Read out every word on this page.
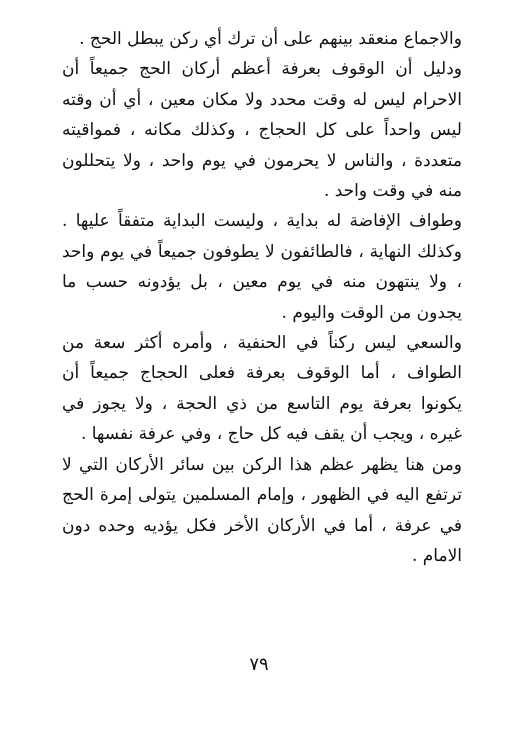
والاجماع منعقد بينهم على أن ترك أي ركن يبطل الحج .

ودليل أن الوقوف بعرفة أعظم أركان الحج جميعاً أن الاحرام ليس له وقت محدد ولا مكان معين ، أي أن وقته ليس واحداً على كل الحجاج ، وكذلك مكانه ، فمواقيته متعددة ، والناس لا يحرمون في يوم واحد ، ولا يتحللون منه في وقت واحد .

وطواف الإفاضة له بداية ، وليست البداية متفقاً عليها . وكذلك النهاية ، فالطائفون لا يطوفون جميعاً في يوم واحد ، ولا ينتهون منه في يوم معين ، بل يؤدونه حسب ما يجدون من الوقت واليوم .

والسعي ليس ركناً في الحنفية ، وأمره أكثر سعة من الطواف ، أما الوقوف بعرفة فعلى الحجاج جميعاً أن يكونوا بعرفة يوم التاسع من ذي الحجة ، ولا يجوز في غيره ، ويجب أن يقف فيه كل حاج ، وفي عرفة نفسها .

ومن هنا يظهر عظم هذا الركن بين سائر الأركان التي لا ترتفع اليه في الظهور ، وإمام المسلمين يتولى إمرة الحج في عرفة ، أما في الأركان الأخر فكل يؤديه وحده دون الامام .

٧٩
